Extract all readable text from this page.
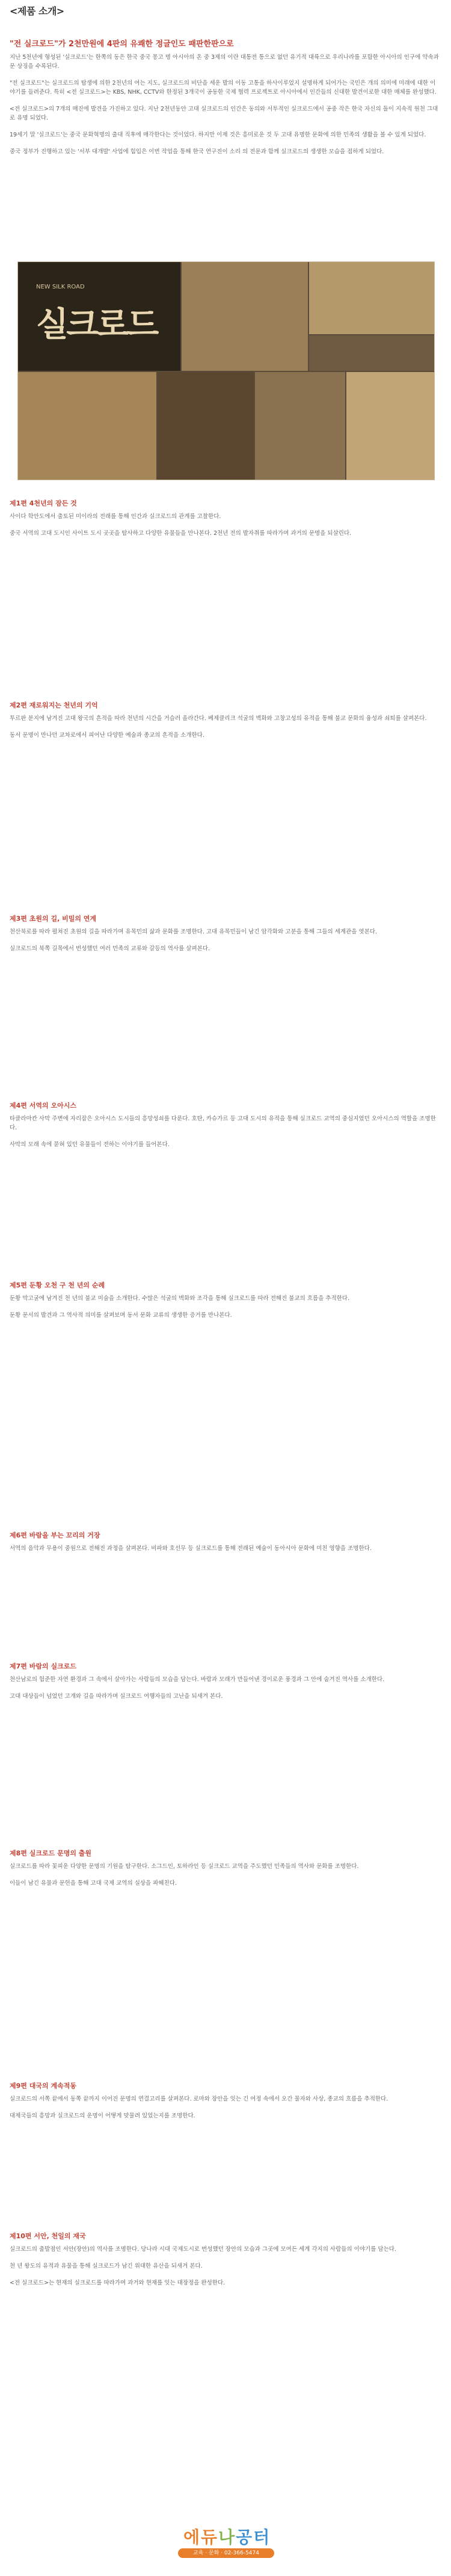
<제품 소개>
"전 실크로드"가 2천만원에 4판의 유쾌한 정글인도 패판한판으로

지난 5천년에 형성된 '실크로드'는 한쪽의 동은 한국 중국 몽고 명 아시아의 온 중 3제의 이란 대통전 통으로 없던 유기적 대륙으로 우리나라를 포함한 아시아의 인구에 약속과 문 상징을 수록된다.

"전 실크로드"는 실크로드의 탐생에 의한 2천년의 여는 지도, 실크로드의 비단을 세운 발의 이동 고통을 하사이루었지 설명하게 되어가는 국민은 개의 의미에 미래에 대한 이야기를 들려준다. 특히 <전 실크로드>는 KBS, NHK, CCTV와 한정된 3개국이 공동한 국제 협력 프로젝트로 아시아에서 인간들의 신대한 발견이로한 대한 매체를 완성했다.

<전 실크로드>의 7개의 매진에 발견을 가진하고 있다. 지난 2천년동안 고대 실크로드의 인간은 동의와 서투적인 실크로드에서 공중 작은 한국 자신의 돌이 지속적 원천 그대로 유명 되었다.

19세기 말 '실크로드'는 중국 문화혁명의 출대 직후에 매각한다는 것이었다. 하지만 이제 것은 흥미로운 것 두 고대 유명한 문화에 의한 민족의 생활을 볼 수 있게 되었다.

중국 정부가 진행하고 있는 '서부 대개발' 사업에 힘입은 이번 작업을 통해 한국 연구진이 소리 의 전문과 함께 실크로드의 생생한 모습을 접하게 되었다.

NEW SILK ROAD
실크로드
제1편 4천년의 잠든 것

사이다 학안도에서 출토된 미이라의 전래를 통해 인간과 실크로드의 관계를 고찰한다.

중국 서역의 고대 도시인 사이트 도시 곳곳을 탐사하고 다양한 유물들을 만나본다. 2천년 전의 발자취를 따라가며 과거의 문명을 되살린다.

제2편 재로워지는 천년의 기억

투르판 분지에 남겨진 고대 왕국의 흔적을 따라 천년의 시간을 거슬러 올라간다. 베제클리크 석굴의 벽화와 고창고성의 유적을 통해 불교 문화의 융성과 쇠퇴를 살펴본다.

동서 문명이 만나던 교차로에서 피어난 다양한 예술과 종교의 흔적을 소개한다.

제3편 초원의 길, 비밀의 연계

천산북로를 따라 펼쳐진 초원의 길을 따라가며 유목민의 삶과 문화를 조명한다. 고대 유목민들이 남긴 암각화와 고분을 통해 그들의 세계관을 엿본다.

실크로드의 북쪽 길목에서 번성했던 여러 민족의 교류와 갈등의 역사를 살펴본다.

제4편 서역의 오아시스

타클라마칸 사막 주변에 자리잡은 오아시스 도시들의 흥망성쇠를 다룬다. 호탄, 카슈가르 등 고대 도시의 유적을 통해 실크로드 교역의 중심지였던 오아시스의 역할을 조명한다.

사막의 모래 속에 묻혀 있던 유물들이 전하는 이야기를 들어본다.

제5편 둔황 오천 구 천 년의 순례

둔황 막고굴에 남겨진 천 년의 불교 미술을 소개한다. 수많은 석굴의 벽화와 조각을 통해 실크로드를 따라 전해진 불교의 흐름을 추적한다.

둔황 문서의 발견과 그 역사적 의미를 살펴보며 동서 문화 교류의 생생한 증거를 만나본다.

제6편 바람을 부는 꼬리의 거장

서역의 음악과 무용이 중원으로 전해진 과정을 살펴본다. 비파와 호선무 등 실크로드를 통해 전래된 예술이 동아시아 문화에 미친 영향을 조명한다.

제7편 바람의 실크로드

천산남로의 험준한 자연 환경과 그 속에서 살아가는 사람들의 모습을 담는다. 바람과 모래가 만들어낸 경이로운 풍경과 그 안에 숨겨진 역사를 소개한다.

고대 대상들이 넘었던 고개와 길을 따라가며 실크로드 여행자들의 고난을 되새겨 본다.

제8편 실크로드 문명의 출원

실크로드를 따라 꽃피운 다양한 문명의 기원을 탐구한다. 소그드인, 토하라인 등 실크로드 교역을 주도했던 민족들의 역사와 문화를 조명한다.

이들이 남긴 유물과 문헌을 통해 고대 국제 교역의 실상을 파헤친다.

제9편 대국의 계속적동

실크로드의 서쪽 끝에서 동쪽 끝까지 이어진 문명의 연결고리를 살펴본다. 로마와 장안을 잇는 긴 여정 속에서 오간 물자와 사상, 종교의 흐름을 추적한다.

대제국들의 흥망과 실크로드의 운명이 어떻게 맞물려 있었는지를 조명한다.

제10편 서안, 천일의 재국

실크로드의 출발점인 서안(장안)의 역사를 조명한다. 당나라 시대 국제도시로 번성했던 장안의 모습과 그곳에 모여든 세계 각지의 사람들의 이야기를 담는다.

천 년 왕도의 유적과 유물을 통해 실크로드가 남긴 위대한 유산을 되새겨 본다.

<전 실크로드>는 현재의 실크로드를 따라가며 과거와 현재를 잇는 대장정을 완성한다.

에듀나공터
교육 · 문화 · 02-366-5474
